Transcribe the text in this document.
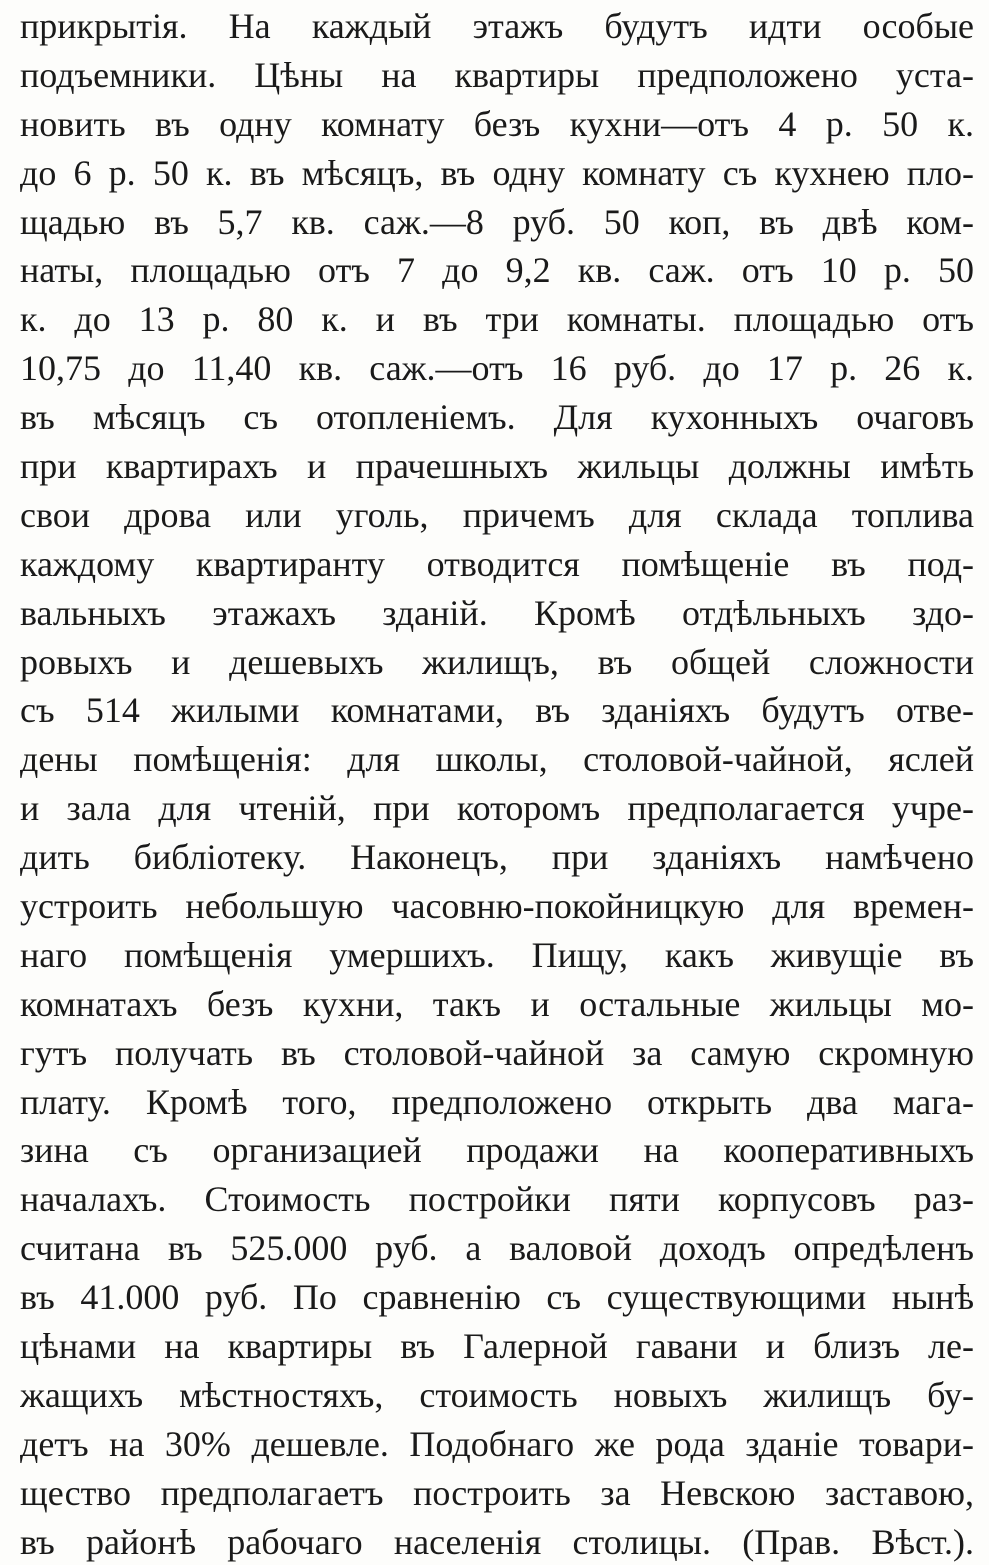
прикрытія. На каждый этажъ будутъ идти особые
подъемники. Цѣны на квартиры предположено уста-
новить въ одну комнату безъ кухни—отъ 4 р. 50 к.
до 6 р. 50 к. въ мѣсяцъ, въ одну комнату съ кухнею пло-
щадью въ 5,7 кв. саж.—8 руб. 50 коп, въ двѣ ком-
наты, площадью отъ 7 до 9,2 кв. саж. отъ 10 р. 50
к. до 13 р. 80 к. и въ три комнаты. площадью отъ
10,75 до 11,40 кв. саж.—отъ 16 руб. до 17 р. 26 к.
въ мѣсяцъ съ отопленіемъ. Для кухонныхъ очаговъ
при квартирахъ и прачешныхъ жильцы должны имѣть
свои дрова или уголь, причемъ для склада топлива
каждому квартиранту отводится помѣщеніе въ под-
вальныхъ этажахъ зданій. Кромѣ отдѣльныхъ здо-
ровыхъ и дешевыхъ жилищъ, въ общей сложности
съ 514 жилыми комнатами, въ зданіяхъ будутъ отве-
дены помѣщенія: для школы, столовой-чайной, яслей
и зала для чтеній, при которомъ предполагается учре-
дить библіотеку. Наконецъ, при зданіяхъ намѣчено
устроить небольшую часовню-покойницкую для времен-
наго помѣщенія умершихъ. Пищу, какъ живущіе въ
комнатахъ безъ кухни, такъ и остальные жильцы мо-
гутъ получать въ столовой-чайной за самую скромную
плату. Кромѣ того, предположено открыть два мага-
зина съ организацией продажи на кооперативныхъ
началахъ. Стоимость постройки пяти корпусовъ раз-
считана въ 525.000 руб. а валовой доходъ опредѣленъ
въ 41.000 руб. По сравненію съ существующими нынѣ
цѣнами на квартиры въ Галерной гавани и близъ ле-
жащихъ мѣстностяхъ, стоимость новыхъ жилищъ бу-
детъ на 30% дешевле. Подобнаго же рода зданіе товари-
щество предполагаетъ построить за Невскою заставою,
въ районѣ рабочаго населенія столицы. (Прав. Вѣст.).
